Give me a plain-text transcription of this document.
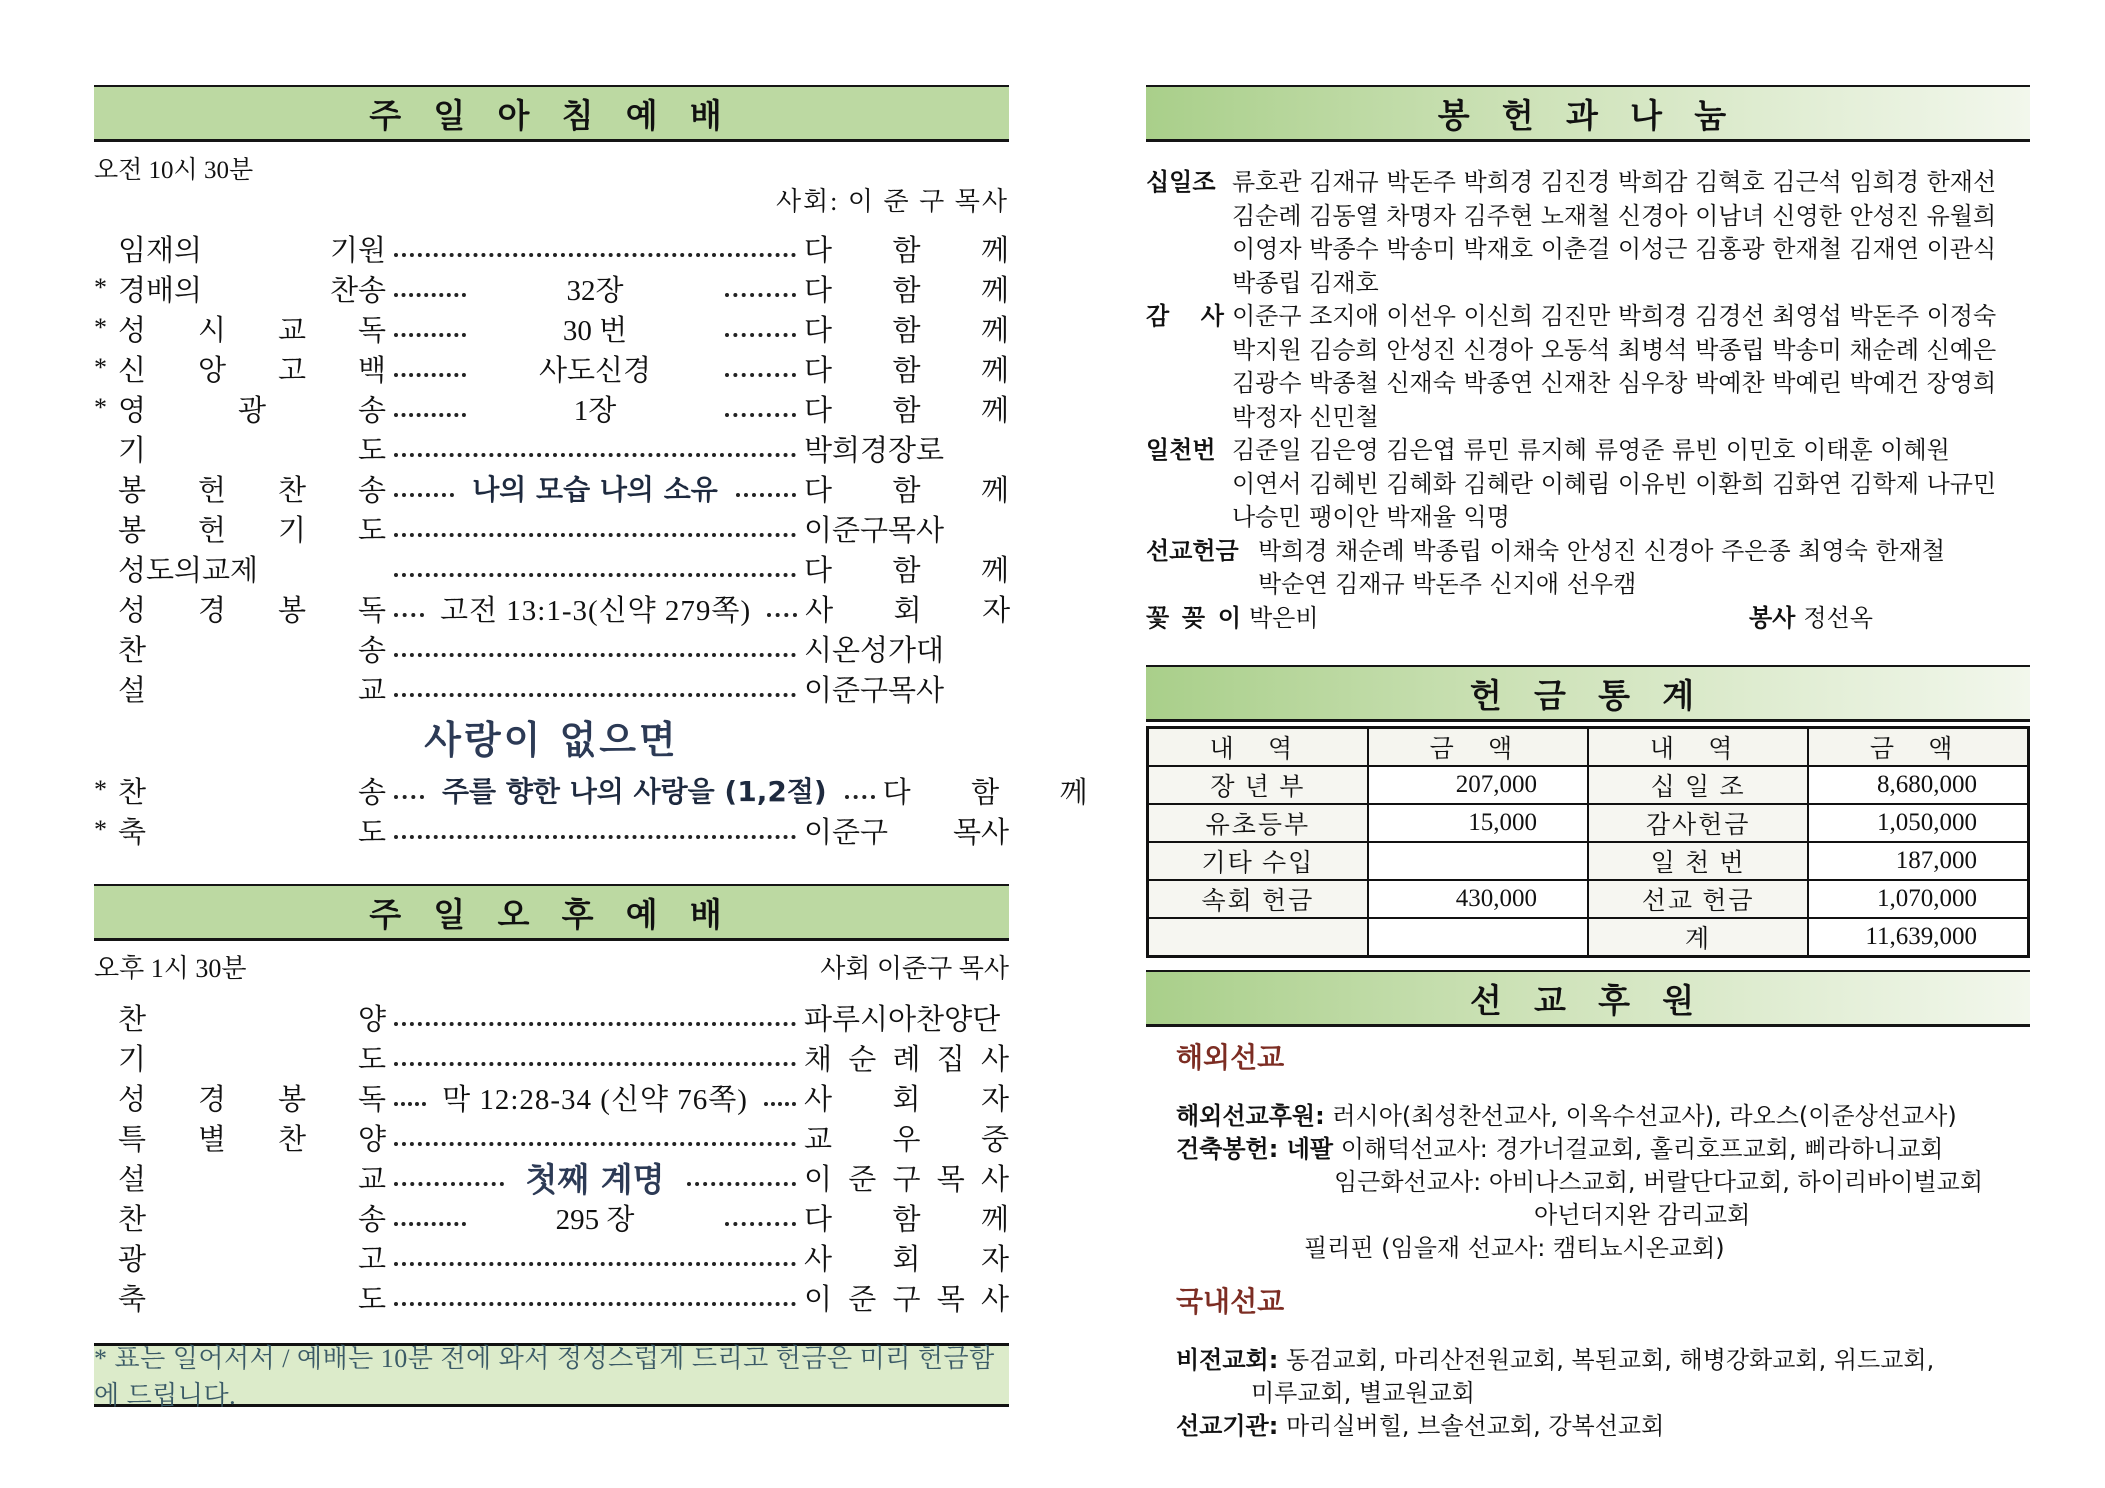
주 일 아 침 예 배
오전 10시 30분
사회: 이 준 구 목사
임재의 기원	다 함 께
* 경배의 찬송	32장	다 함 께
* 성 시 교 독	30 번	다 함 께
* 신 앙 고 백	사도신경	다 함 께
* 영 광 송	1장	다 함 께
기 도	박희경장로
봉 헌 찬 송	나의 모습 나의 소유	다 함 께
봉 헌 기 도	이준구목사
성도의교제	다 함 께
성 경 봉 독 고전 13:1-3(신약 279쪽) 사 회 자
찬 송	시온성가대
설 교	이준구목사
사랑이 없으면
* 찬 송	주를 향한 나의 사랑을 (1,2절)	다 함 께
* 축 도	이준구 목사
주 일 오 후 예 배
오후 1시 30분	사회 이준구 목사
찬 양	파루시아찬양단
기 도	채 순 례 집 사
성 경 봉 독 막 12:28-34 (신약 76쪽) 사 회 자
특 별 찬 양	교 우 중
설 교	첫째 계명	이 준 구 목 사
찬 송	295 장	다 함 께
광 고	사 회 자
축 도	이 준 구 목 사
* 표는 일어서서 / 예배는 10분 전에 와서 정성스럽게 드리고 헌금은 미리 헌금함에 드립니다.
봉 헌 과 나 눔
십일조 류호관 김재규 박돈주 박희경 김진경 박희감 김혁호 김근석 임희경 한재선
김순례 김동열 차명자 김주현 노재철 신경아 이남녀 신영한 안성진 유월희
이영자 박종수 박송미 박재호 이춘걸 이성근 김홍광 한재철 김재연 이관식
박종립 김재호
감 사 이준구 조지애 이선우 이신희 김진만 박희경 김경선 최영섭 박돈주 이정숙
박지원 김승희 안성진 신경아 오동석 최병석 박종립 박송미 채순례 신예은
김광수 박종철 신재숙 박종연 신재찬 심우창 박예찬 박예린 박예건 장영희
박정자 신민철
일천번 김준일 김은영 김은엽 류민 류지혜 류영준 류빈 이민호 이태훈 이혜원
이연서 김혜빈 김혜화 김혜란 이혜림 이유빈 이환희 김화연 김학제 나규민
나승민 팽이안 박재율 익명
선교헌금 박희경 채순례 박종립 이채숙 안성진 신경아 주은종 최영숙 한재철
박순연 김재규 박돈주 신지애 선우캠
꽃 꽂 이 박은비	봉사 정선옥
헌 금 통 계
내 역	금 액	내 역	금 액
장 년 부	207,000	십 일 조	8,680,000
유초등부	15,000	감사헌금	1,050,000
기타 수입		일 천 번	187,000
속회 헌금	430,000	선교 헌금	1,070,000
		계	11,639,000
선 교 후 원
해외선교
해외선교후원: 러시아(최성찬선교사, 이옥수선교사), 라오스(이준상선교사)
건축봉헌: 네팔 이해덕선교사: 경가너걸교회, 홀리호프교회, 삐라하니교회
임근화선교사: 아비나스교회, 버랄단다교회, 하이리바이벌교회
아넌더지완 감리교회
필리핀 (임을재 선교사: 캠티뇨시온교회)
국내선교
비전교회: 동검교회, 마리산전원교회, 복된교회, 해병강화교회, 위드교회,
미루교회, 별교원교회
선교기관: 마리실버힐, 브솔선교회, 강복선교회
